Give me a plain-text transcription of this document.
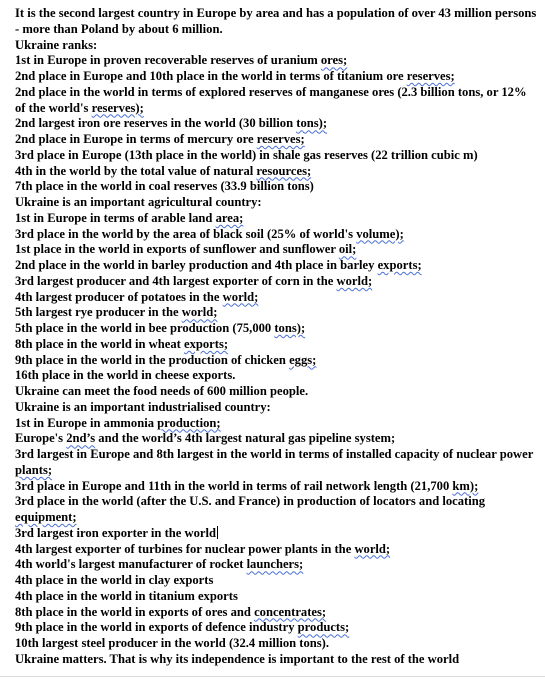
It is the second largest country in Europe by area and has a population of over 43 million persons - more than Poland by about 6 million.
Ukraine ranks:
1st in Europe in proven recoverable reserves of uranium ores;
2nd place in Europe and 10th place in the world in terms of titanium ore reserves;
2nd place in the world in terms of explored reserves of manganese ores (2.3 billion tons, or 12% of the world's reserves);
2nd largest iron ore reserves in the world (30 billion tons);
2nd place in Europe in terms of mercury ore reserves;
3rd place in Europe (13th place in the world) in shale gas reserves (22 trillion cubic m)
4th in the world by the total value of natural resources;
7th place in the world in coal reserves (33.9 billion tons)
Ukraine is an important agricultural country:
1st in Europe in terms of arable land area;
3rd place in the world by the area of black soil (25% of world's volume);
1st place in the world in exports of sunflower and sunflower oil;
2nd place in the world in barley production and 4th place in barley exports;
3rd largest producer and 4th largest exporter of corn in the world;
4th largest producer of potatoes in the world;
5th largest rye producer in the world;
5th place in the world in bee production (75,000 tons);
8th place in the world in wheat exports;
9th place in the world in the production of chicken eggs;
16th place in the world in cheese exports.
Ukraine can meet the food needs of 600 million people.
Ukraine is an important industrialised country:
1st in Europe in ammonia production;
Europe's 2nd’s and the world’s 4th largest natural gas pipeline system;
3rd largest in Europe and 8th largest in the world in terms of installed capacity of nuclear power plants;
3rd place in Europe and 11th in the world in terms of rail network length (21,700 km);
3rd place in the world (after the U.S. and France) in production of locators and locating equipment;
3rd largest iron exporter in the world
4th largest exporter of turbines for nuclear power plants in the world;
4th world's largest manufacturer of rocket launchers;
4th place in the world in clay exports
4th place in the world in titanium exports
8th place in the world in exports of ores and concentrates;
9th place in the world in exports of defence industry products;
10th largest steel producer in the world (32.4 million tons).
Ukraine matters. That is why its independence is important to the rest of the world
